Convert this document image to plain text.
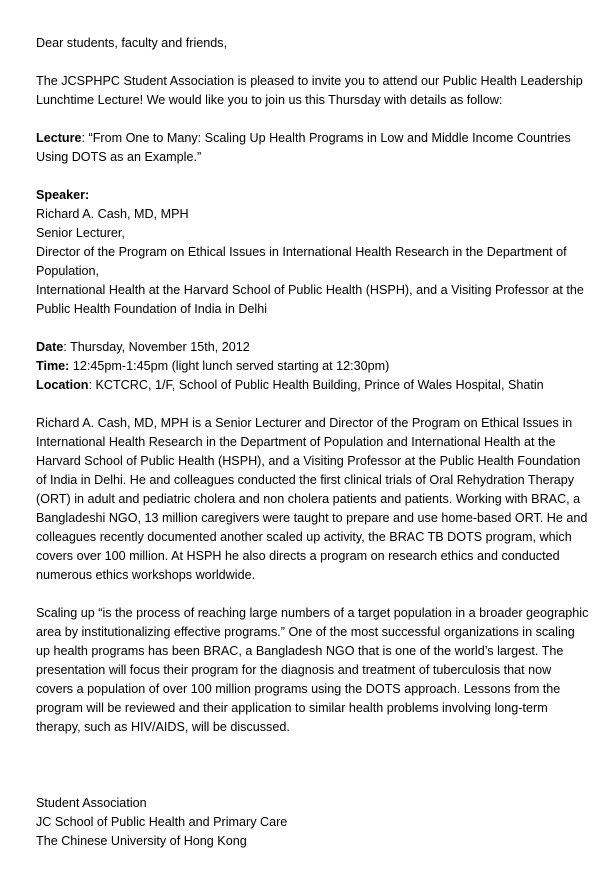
Dear students, faculty and friends,
The JCSPHPC Student Association is pleased to invite you to attend our Public Health Leadership
Lunchtime Lecture! We would like you to join us this Thursday with details as follow:
Lecture: “From One to Many: Scaling Up Health Programs in Low and Middle Income Countries
Using DOTS as an Example.”
Speaker:
Richard A. Cash, MD, MPH
Senior Lecturer,
Director of the Program on Ethical Issues in International Health Research in the Department of
Population,
International Health at the Harvard School of Public Health (HSPH), and a Visiting Professor at the
Public Health Foundation of India in Delhi
Date: Thursday, November 15th, 2012
Time: 12:45pm-1:45pm (light lunch served starting at 12:30pm)
Location: KCTCRC, 1/F, School of Public Health Building, Prince of Wales Hospital, Shatin
Richard A. Cash, MD, MPH is a Senior Lecturer and Director of the Program on Ethical Issues in
International Health Research in the Department of Population and International Health at the
Harvard School of Public Health (HSPH), and a Visiting Professor at the Public Health Foundation
of India in Delhi. He and colleagues conducted the first clinical trials of Oral Rehydration Therapy
(ORT) in adult and pediatric cholera and non cholera patients and patients. Working with BRAC, a
Bangladeshi NGO, 13 million caregivers were taught to prepare and use home-based ORT. He and
colleagues recently documented another scaled up activity, the BRAC TB DOTS program, which
covers over 100 million. At HSPH he also directs a program on research ethics and conducted
numerous ethics workshops worldwide.
Scaling up “is the process of reaching large numbers of a target population in a broader geographic
area by institutionalizing effective programs.” One of the most successful organizations in scaling
up health programs has been BRAC, a Bangladesh NGO that is one of the world’s largest. The
presentation will focus their program for the diagnosis and treatment of tuberculosis that now
covers a population of over 100 million programs using the DOTS approach. Lessons from the
program will be reviewed and their application to similar health problems involving long-term
therapy, such as HIV/AIDS, will be discussed.
Student Association
JC School of Public Health and Primary Care
The Chinese University of Hong Kong
